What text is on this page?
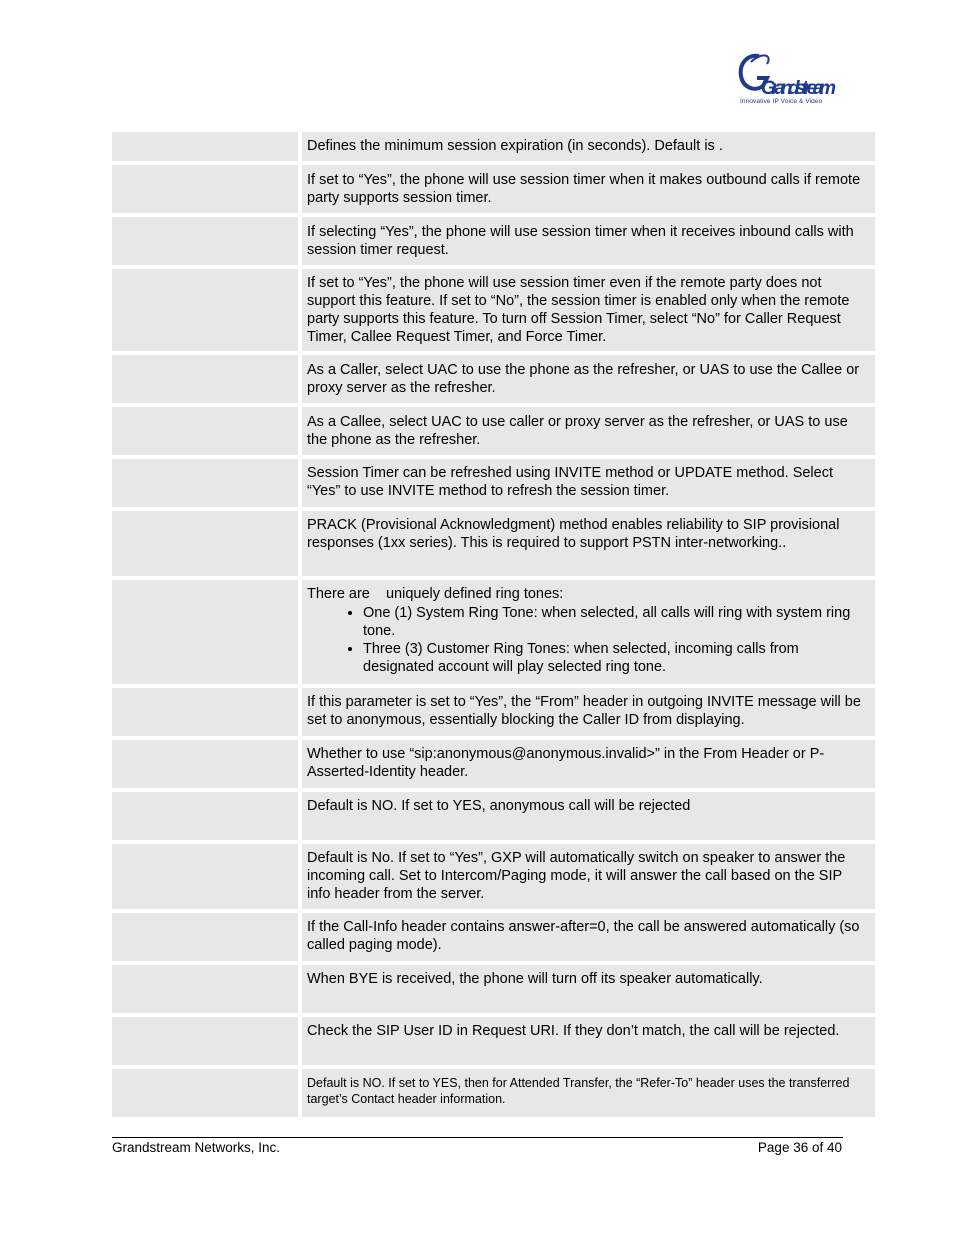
Grandstream
Innovative IP Voice & Video
Defines the minimum session expiration (in seconds). Default is .
If set to “Yes”, the phone will use session timer when it makes outbound calls if remote party supports session timer.
If selecting “Yes”, the phone will use session timer when it receives inbound calls with session timer request.
If set to “Yes”, the phone will use session timer even if the remote party does not support this feature. If set to “No”, the session timer is enabled only when the remote party supports this feature. To turn off Session Timer, select “No” for Caller Request Timer, Callee Request Timer, and Force Timer.
As a Caller, select UAC to use the phone as the refresher, or UAS to use the Callee or proxy server as the refresher.
As a Callee, select UAC to use caller or proxy server as the refresher, or UAS to use the phone as the refresher.
Session Timer can be refreshed using INVITE method or UPDATE method. Select “Yes” to use INVITE method to refresh the session timer.
PRACK (Provisional Acknowledgment) method enables reliability to SIP provisional responses (1xx series). This is required to support PSTN inter-networking..
There are    uniquely defined ring tones:
• One (1) System Ring Tone: when selected, all calls will ring with system ring tone.
• Three (3) Customer Ring Tones: when selected, incoming calls from designated account will play selected ring tone.
If this parameter is set to “Yes”, the “From” header in outgoing INVITE message will be set to anonymous, essentially blocking the Caller ID from displaying.
Whether to use “sip:anonymous@anonymous.invalid>” in the From Header or P-Asserted-Identity header.
Default is NO. If set to YES, anonymous call will be rejected
Default is No. If set to “Yes”, GXP will automatically switch on speaker to answer the incoming call. Set to Intercom/Paging mode, it will answer the call based on the SIP info header from the server.
If the Call-Info header contains answer-after=0, the call be answered automatically (so called paging mode).
When BYE is received, the phone will turn off its speaker automatically.
Check the SIP User ID in Request URI. If they don’t match, the call will be rejected.
Default is NO. If set to YES, then for Attended Transfer, the “Refer-To” header uses the transferred target’s Contact header information.
Grandstream Networks, Inc.	Page 36 of 40
